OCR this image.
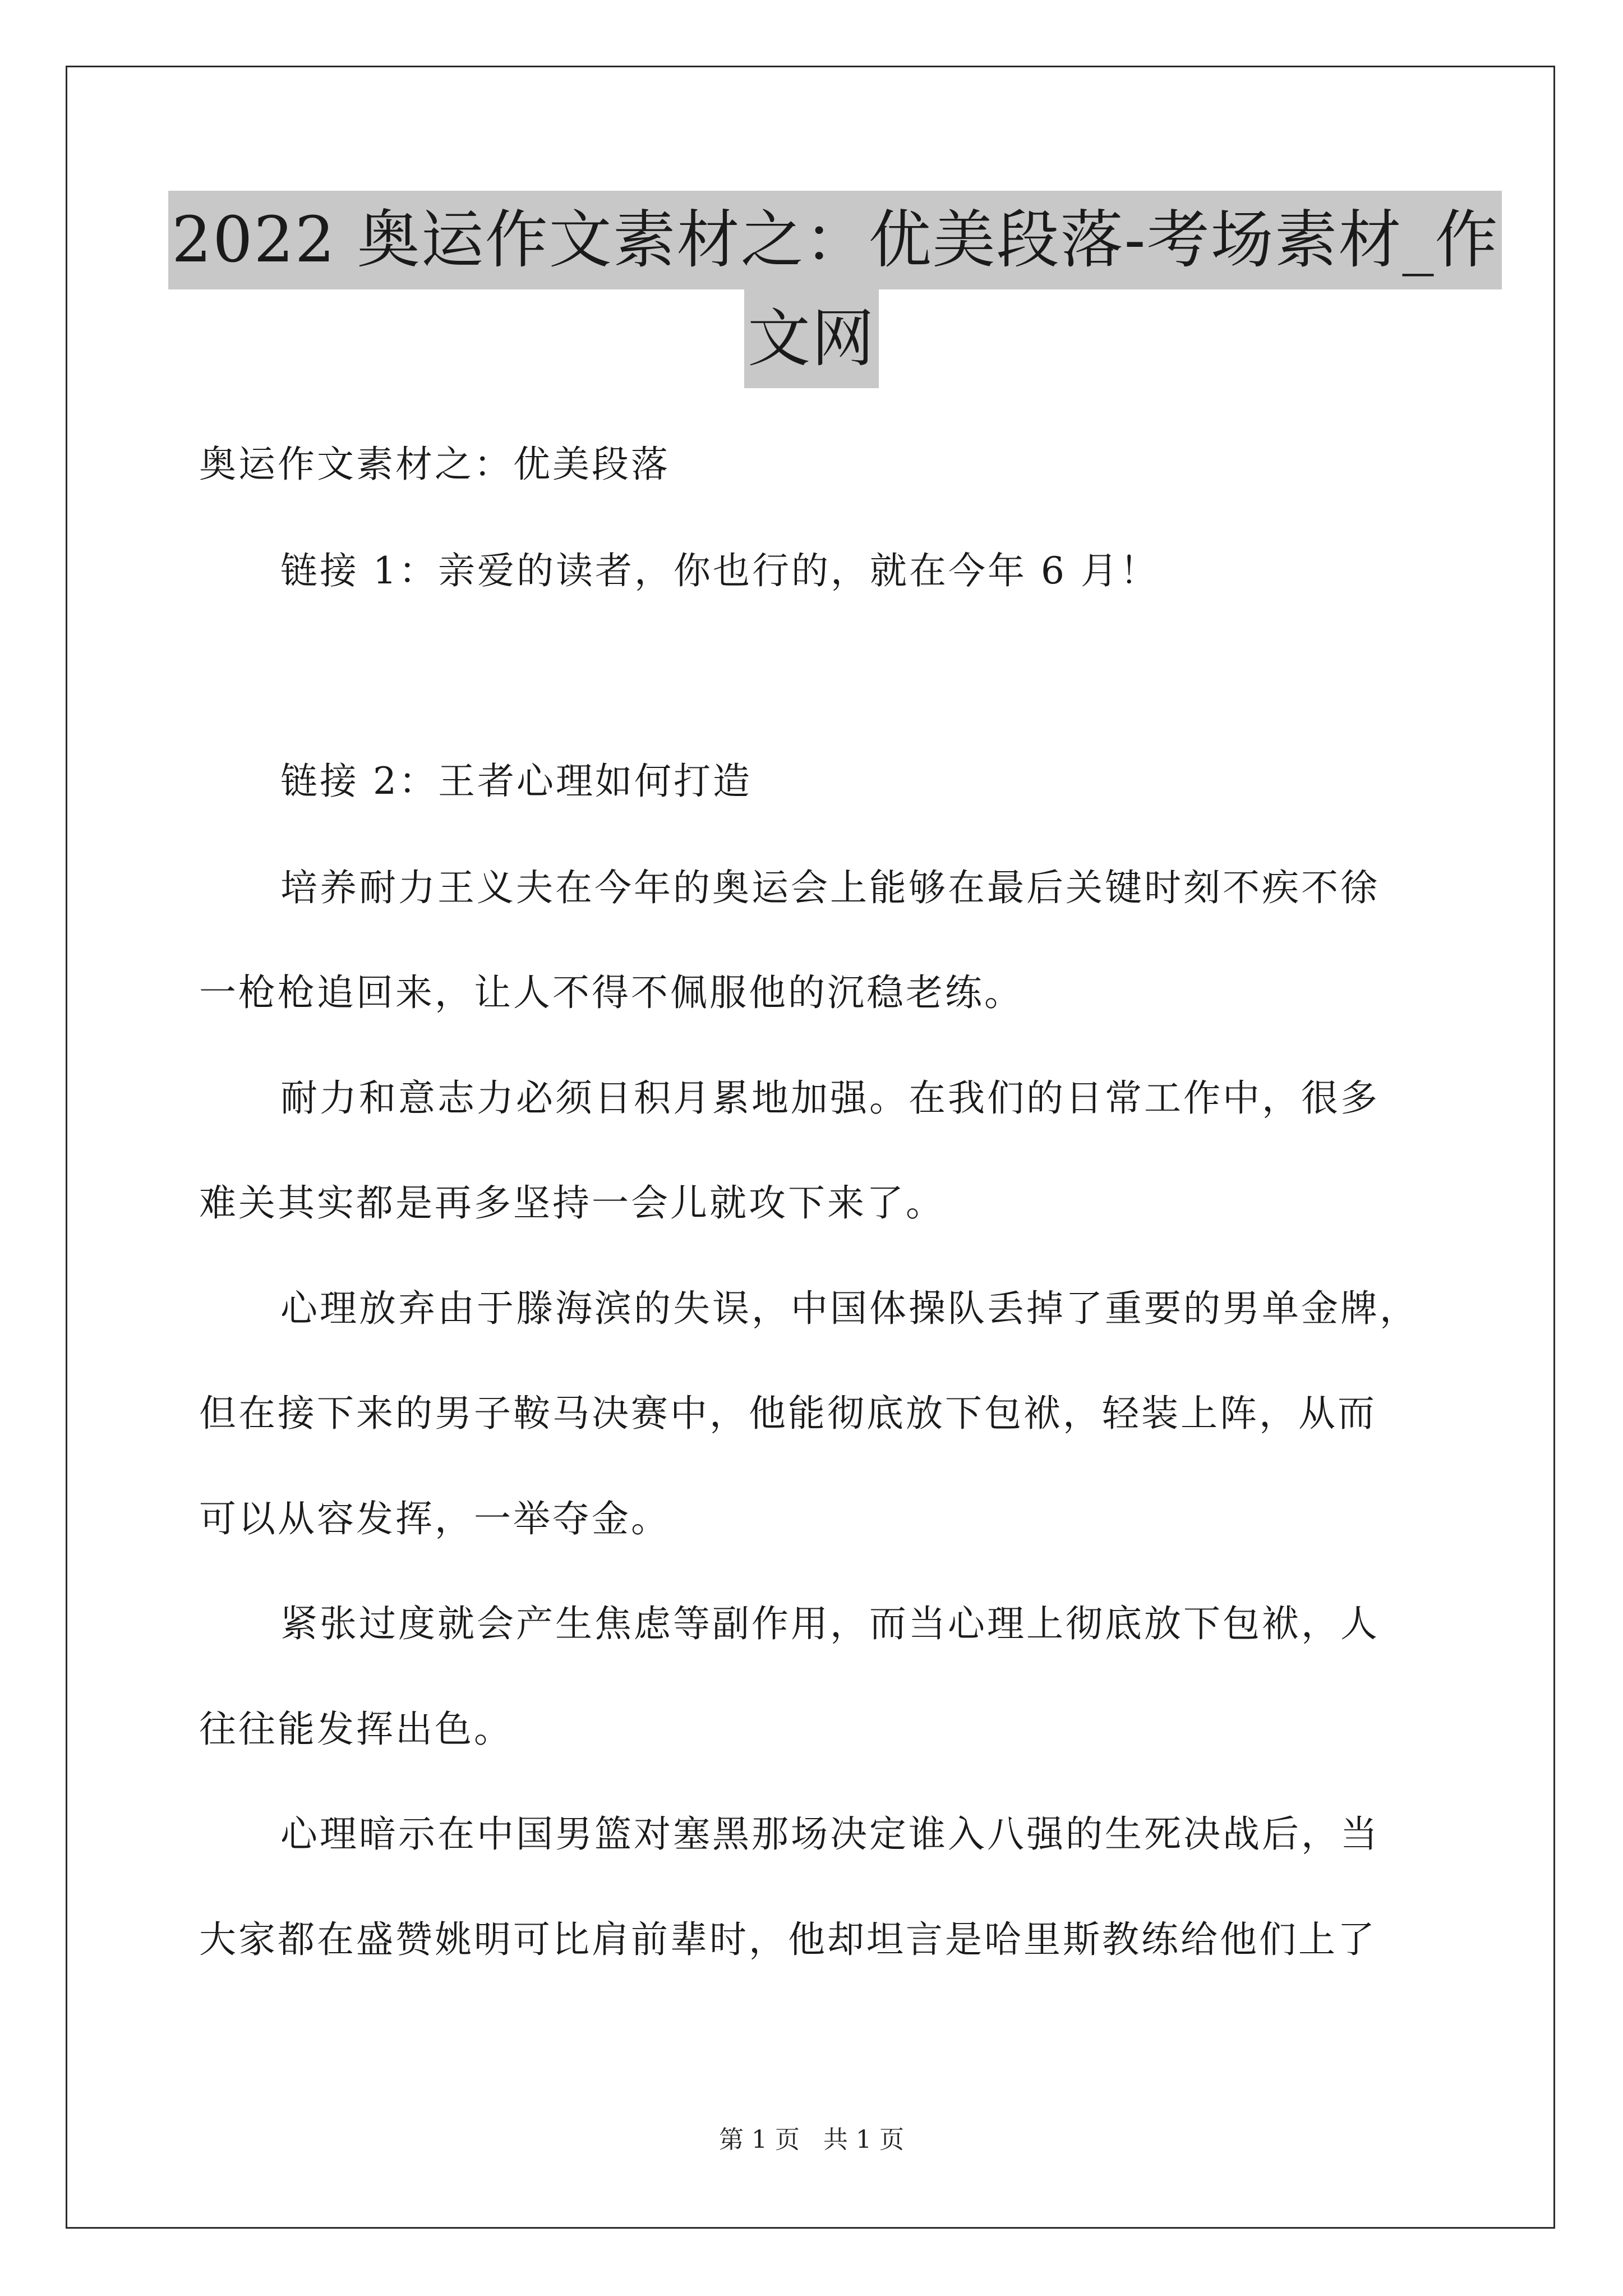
2022 奥运作文素材之：优美段落-考场素材_作
文网
奥运作文素材之：优美段落
链接 1：亲爱的读者，你也行的，就在今年 6 月！
链接 2：王者心理如何打造
培养耐力王义夫在今年的奥运会上能够在最后关键时刻不疾不徐
一枪枪追回来，让人不得不佩服他的沉稳老练。
耐力和意志力必须日积月累地加强。在我们的日常工作中，很多
难关其实都是再多坚持一会儿就攻下来了。
心理放弃由于滕海滨的失误，中国体操队丢掉了重要的男单金牌，
但在接下来的男子鞍马决赛中，他能彻底放下包袱，轻装上阵，从而
可以从容发挥，一举夺金。
紧张过度就会产生焦虑等副作用，而当心理上彻底放下包袱，人
往往能发挥出色。
心理暗示在中国男篮对塞黑那场决定谁入八强的生死决战后，当
大家都在盛赞姚明可比肩前辈时，他却坦言是哈里斯教练给他们上了
第 1 页 共 1 页
